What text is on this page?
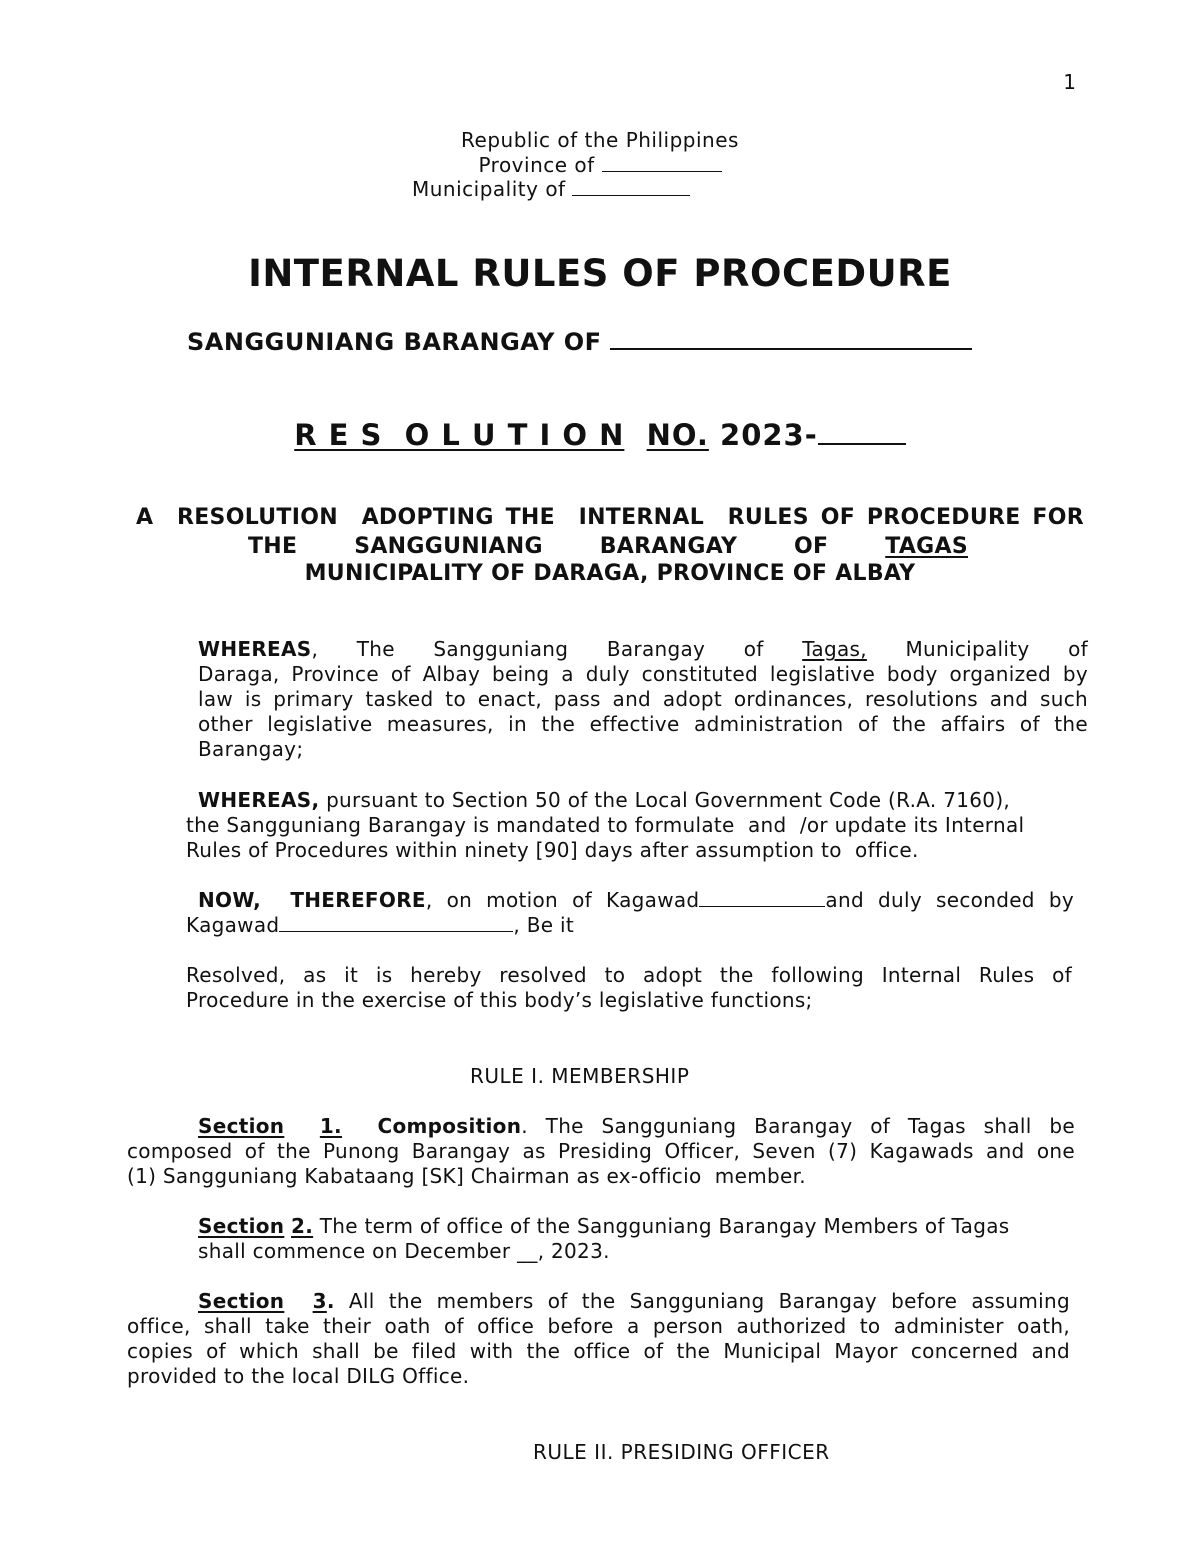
1
Republic of the Philippines
Province of
Municipality of
INTERNAL RULES OF PROCEDURE
SANGGUNIANG BARANGAY OF
R E S  O L U T I O N NO. 2023-
A  RESOLUTION  ADOPTING THE  INTERNAL  RULES OF PROCEDURE FOR
THE	SANGGUNIANG	BARANGAY	OF	TAGAS
MUNICIPALITY OF DARAGA, PROVINCE OF ALBAY
WHEREAS, The Sangguniang Barangay of Tagas, Municipality of
Daraga, Province of Albay being a duly constituted legislative body organized by
law is primary tasked to enact, pass and adopt ordinances, resolutions and such
other legislative measures, in the effective administration of the affairs of the
Barangay;
WHEREAS, pursuant to Section 50 of the Local Government Code (R.A. 7160),
the Sangguniang Barangay is mandated to formulate  and  /or update its Internal
Rules of Procedures within ninety [90] days after assumption to  office.
NOW,  THEREFORE, on motion of Kagawad	and duly seconded by
Kagawad	, Be it
Resolved, as it is hereby resolved to adopt the following Internal Rules of
Procedure in the exercise of this body’s legislative functions;
RULE I. MEMBERSHIP
Section 1. Composition. The Sangguniang Barangay of Tagas shall be
composed of the Punong Barangay as Presiding Officer, Seven (7) Kagawads and one
(1) Sangguniang Kabataang [SK] Chairman as ex-officio  member.
Section 2. The term of office of the Sangguniang Barangay Members of Tagas
shall commence on December __, 2023.
Section 3. All the members of the Sangguniang Barangay before assuming
office, shall take their oath of office before a person authorized to administer oath,
copies of which shall be filed with the office of the Municipal Mayor concerned and
provided to the local DILG Office.
RULE II. PRESIDING OFFICER
